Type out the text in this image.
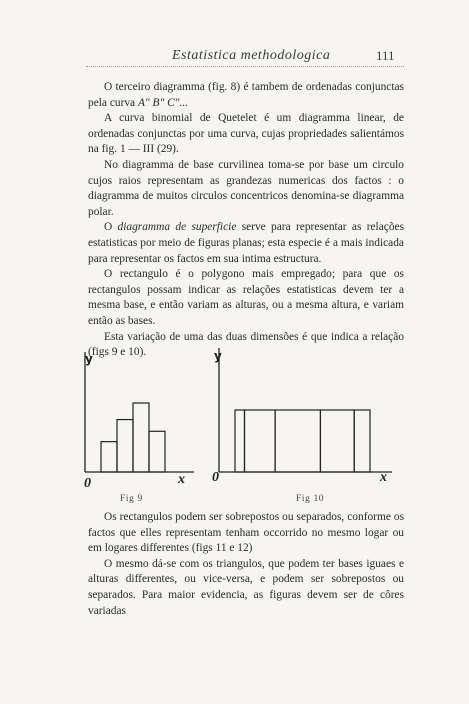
Estatistica methodologica	111

O terceiro diagramma (fig. 8) é tambem de ordenadas conjunctas pela curva A" B" C"...

A curva binomial de Quetelet é um diagramma linear, de ordenadas conjunctas por uma curva, cujas propriedades salientámos na fig. 1 — III (29).

No diagramma de base curvilinea toma-se por base um circulo cujos raios representam as grandezas numericas dos factos : o diagramma de muitos circulos concentricos denomina-se diagramma polar.

O diagramma de superficie serve para representar as relações estatisticas por meio de figuras planas; esta especie é a mais indicada para representar os factos em sua intima estructura.

O rectangulo é o polygono mais empregado; para que os rectangulos possam indicar as relações estatisticas devem ter a mesma base, e então variam as alturas, ou a mesma altura, e variam então as bases.

Esta variação de uma das duas dimensões é que indica a relação (figs 9 e 10).

y
0	x
Fig 9
y
0	x
Fig 10

Os rectangulos podem ser sobrepostos ou separados, conforme os factos que elles representam tenham occorrido no mesmo logar ou em logares differentes (figs 11 e 12)

O mesmo dá-se com os triangulos, que podem ter bases iguaes e alturas differentes, ou vice-versa, e podem ser sobrepostos ou separados. Para maior evidencia, as figuras devem ser de côres variadas
